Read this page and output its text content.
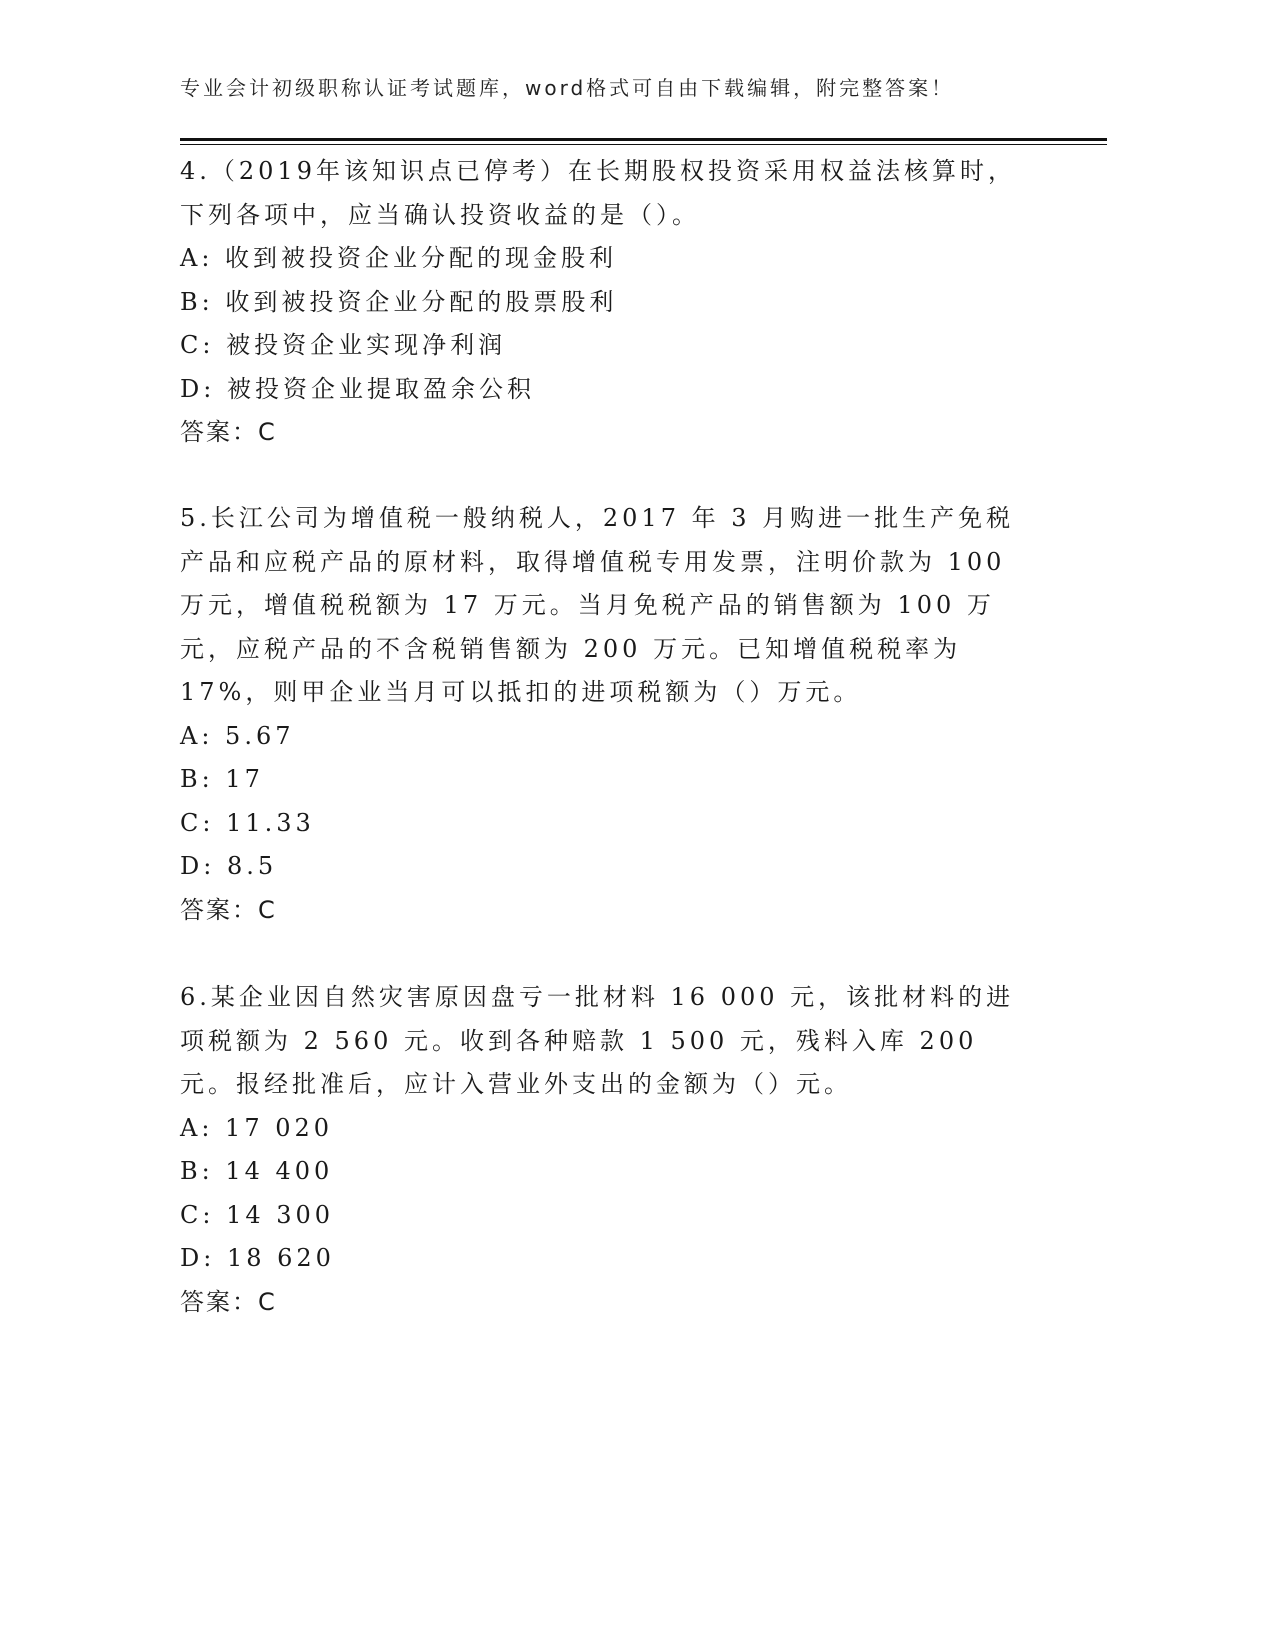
专业会计初级职称认证考试题库，word格式可自由下载编辑，附完整答案！

4.（2019年该知识点已停考）在长期股权投资采用权益法核算时，下列各项中，应当确认投资收益的是（）。

A: 收到被投资企业分配的现金股利

B: 收到被投资企业分配的股票股利

C: 被投资企业实现净利润

D: 被投资企业提取盈余公积

答案：C

5.长江公司为增值税一般纳税人，2017 年 3 月购进一批生产免税产品和应税产品的原材料，取得增值税专用发票，注明价款为 100 万元，增值税税额为 17 万元。当月免税产品的销售额为 100 万元，应税产品的不含税销售额为 200 万元。已知增值税税率为 17%，则甲企业当月可以抵扣的进项税额为（）万元。

A: 5.67

B: 17

C: 11.33

D: 8.5

答案：C

6.某企业因自然灾害原因盘亏一批材料 16 000 元，该批材料的进项税额为 2 560 元。收到各种赔款 1 500 元，残料入库 200 元。报经批准后，应计入营业外支出的金额为（）元。

A: 17 020

B: 14 400

C: 14 300

D: 18 620

答案：C
